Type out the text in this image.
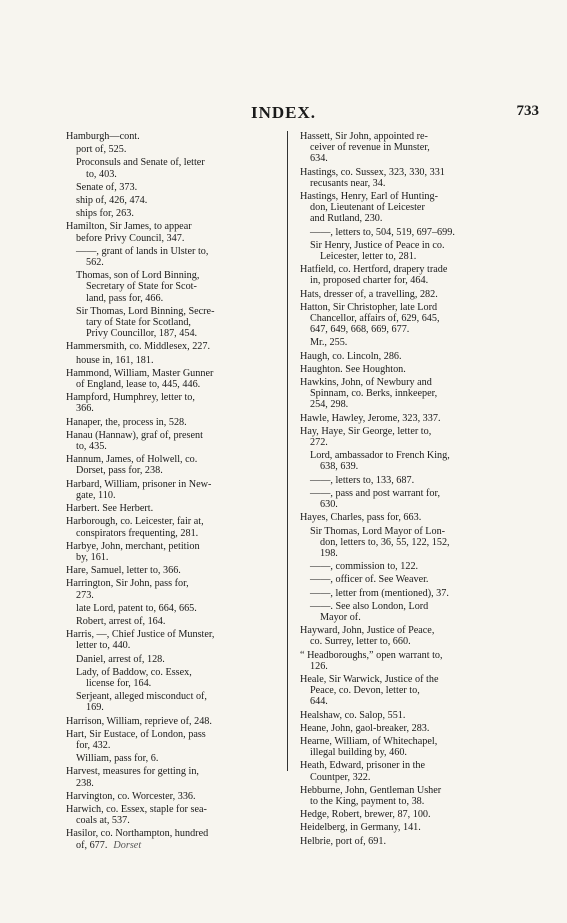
INDEX.	733
Hamburgh—cont.
port of, 525.
Proconsuls and Senate of, letter
to, 403.
Senate of, 373.
ship of, 426, 474.
ships for, 263.
Hamilton, Sir James, to appear
before Privy Council, 347.
——, grant of lands in Ulster to,
562.
Thomas, son of Lord Binning,
Secretary of State for Scot-
land, pass for, 466.
Sir Thomas, Lord Binning, Secre-
tary of State for Scotland,
Privy Councillor, 187, 454.
Hammersmith, co. Middlesex, 227.
house in, 161, 181.
Hammond, William, Master Gunner
of England, lease to, 445, 446.
Hampford, Humphrey, letter to,
366.
Hanaper, the, process in, 528.
Hanau (Hannaw), graf of, present
to, 435.
Hannum, James, of Holwell, co.
Dorset, pass for, 238.
Harbard, William, prisoner in New-
gate, 110.
Harbert. See Herbert.
Harborough, co. Leicester, fair at,
conspirators frequenting, 281.
Harbye, John, merchant, petition
by, 161.
Hare, Samuel, letter to, 366.
Harrington, Sir John, pass for,
273.
late Lord, patent to, 664, 665.
Robert, arrest of, 164.
Harris, —, Chief Justice of Munster,
letter to, 440.
Daniel, arrest of, 128.
Lady, of Baddow, co. Essex,
license for, 164.
Serjeant, alleged misconduct of,
169.
Harrison, William, reprieve of, 248.
Hart, Sir Eustace, of London, pass
for, 432.
William, pass for, 6.
Harvest, measures for getting in,
238.
Harvington, co. Worcester, 336.
Harwich, co. Essex, staple for sea-
coals at, 537.
Hasilor, co. Northampton, hundred
of, 677. Dorset
Hassett, Sir John, appointed re-
ceiver of revenue in Munster,
634.
Hastings, co. Sussex, 323, 330, 331
recusants near, 34.
Hastings, Henry, Earl of Hunting-
don, Lieutenant of Leicester
and Rutland, 230.
——, letters to, 504, 519, 697–699.
Sir Henry, Justice of Peace in co.
Leicester, letter to, 281.
Hatfield, co. Hertford, drapery trade
in, proposed charter for, 464.
Hats, dresser of, a travelling, 282.
Hatton, Sir Christopher, late Lord
Chancellor, affairs of, 629, 645,
647, 649, 668, 669, 677.
Mr., 255.
Haugh, co. Lincoln, 286.
Haughton. See Houghton.
Hawkins, John, of Newbury and
Spinnam, co. Berks, innkeeper,
254, 298.
Hawle, Hawley, Jerome, 323, 337.
Hay, Haye, Sir George, letter to,
272.
Lord, ambassador to French King,
638, 639.
——, letters to, 133, 687.
——, pass and post warrant for,
630.
Hayes, Charles, pass for, 663.
Sir Thomas, Lord Mayor of Lon-
don, letters to, 36, 55, 122, 152,
198.
——, commission to, 122.
——, officer of. See Weaver.
——, letter from (mentioned), 37.
——. See also London, Lord
Mayor of.
Hayward, John, Justice of Peace,
co. Surrey, letter to, 660.
“ Headboroughs,” open warrant to,
126.
Heale, Sir Warwick, Justice of the
Peace, co. Devon, letter to,
644.
Healshaw, co. Salop, 551.
Heane, John, gaol-breaker, 283.
Hearne, William, of Whitechapel,
illegal building by, 460.
Heath, Edward, prisoner in the
Countper, 322.
Hebburne, John, Gentleman Usher
to the King, payment to, 38.
Hedge, Robert, brewer, 87, 100.
Heidelberg, in Germany, 141.
Helbrie, port of, 691.
